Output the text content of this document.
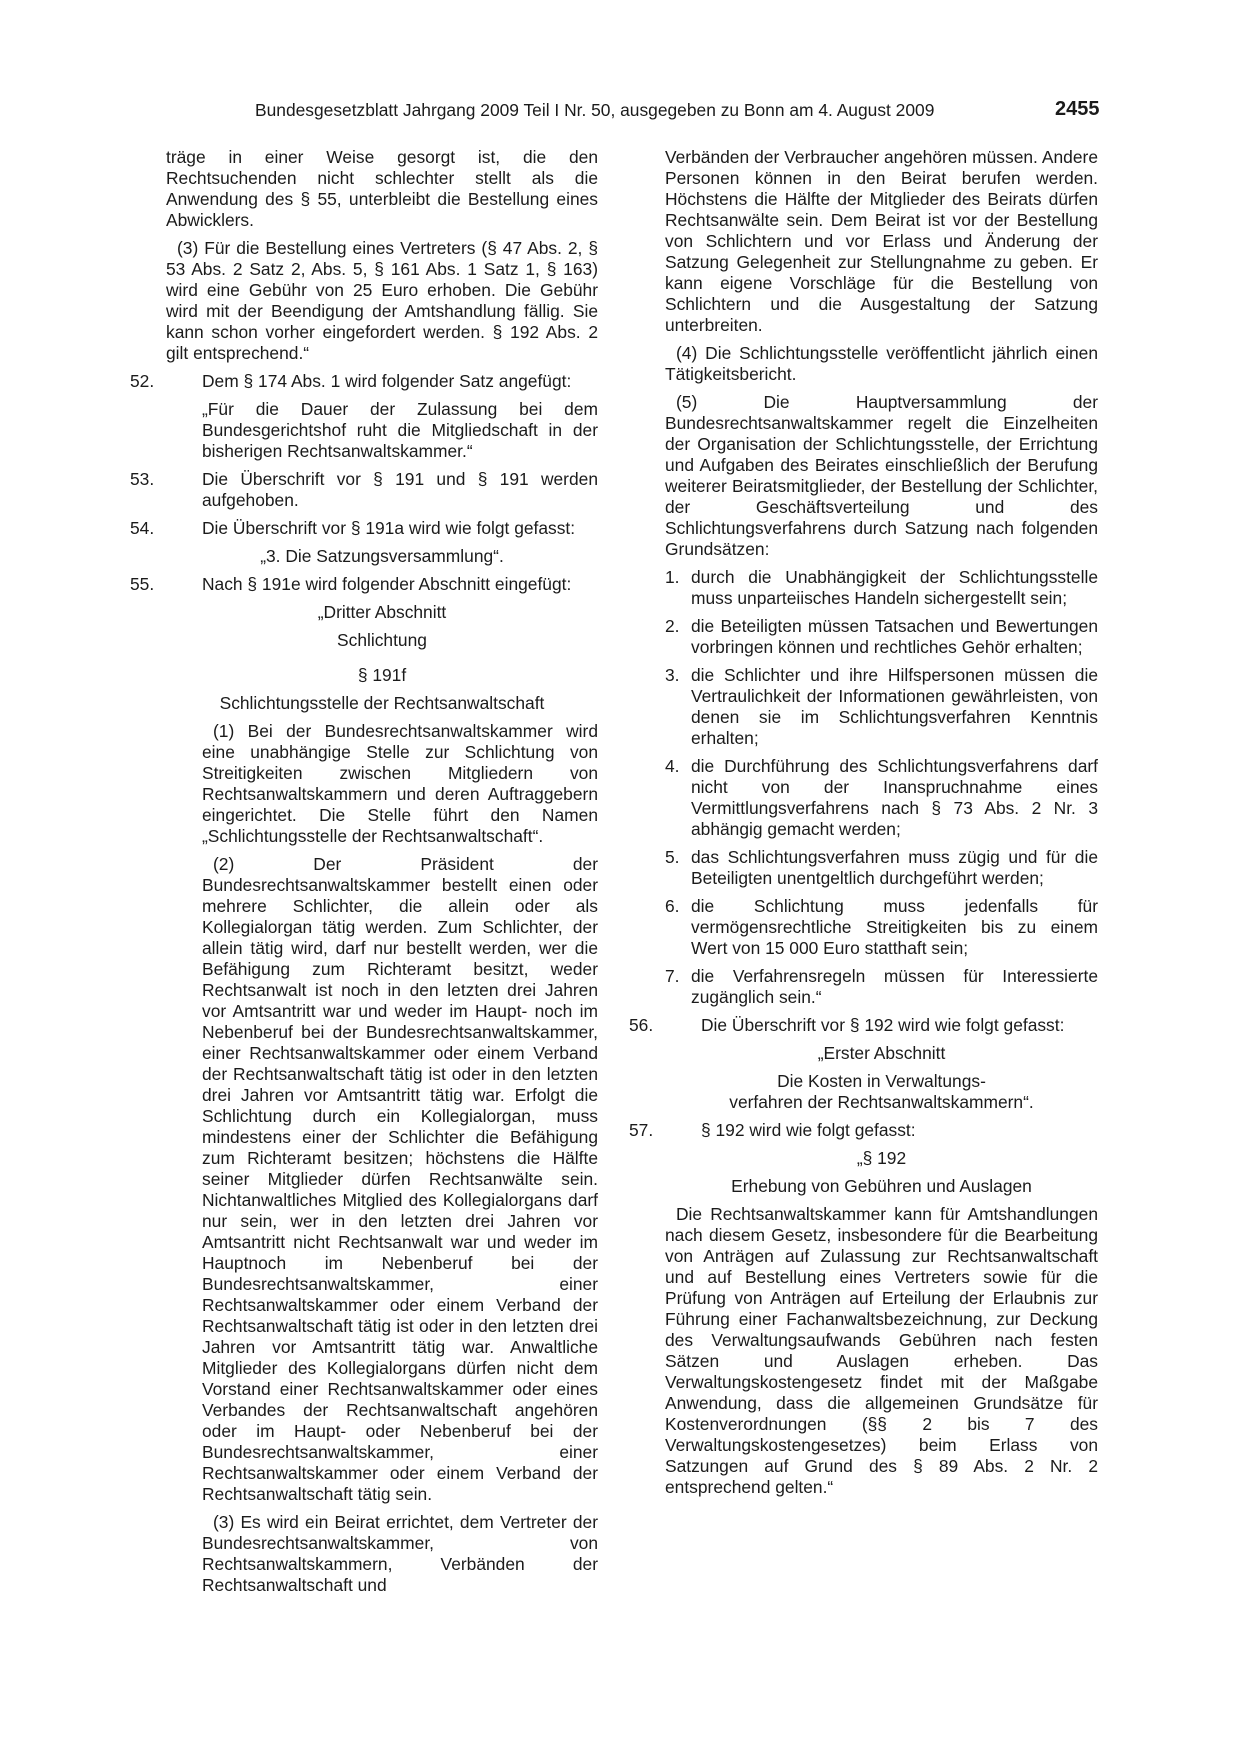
Bundesgesetzblatt Jahrgang 2009 Teil I Nr. 50, ausgegeben zu Bonn am 4. August 2009	2455

träge in einer Weise gesorgt ist, die den Rechtsuchenden nicht schlechter stellt als die Anwendung des § 55, unterbleibt die Bestellung eines Abwicklers.

(3) Für die Bestellung eines Vertreters (§ 47 Abs. 2, § 53 Abs. 2 Satz 2, Abs. 5, § 161 Abs. 1 Satz 1, § 163) wird eine Gebühr von 25 Euro erhoben. Die Gebühr wird mit der Beendigung der Amtshandlung fällig. Sie kann schon vorher eingefordert werden. § 192 Abs. 2 gilt entsprechend.“

52.	Dem § 174 Abs. 1 wird folgender Satz angefügt:
„Für die Dauer der Zulassung bei dem Bundesgerichtshof ruht die Mitgliedschaft in der bisherigen Rechtsanwaltskammer.“
53.	Die Überschrift vor § 191 und § 191 werden aufgehoben.
54.	Die Überschrift vor § 191a wird wie folgt gefasst:
„3. Die Satzungsversammlung“.
55.	Nach § 191e wird folgender Abschnitt eingefügt:
„Dritter Abschnitt
Schlichtung
§ 191f
Schlichtungsstelle der Rechtsanwaltschaft

(1) Bei der Bundesrechtsanwaltskammer wird eine unabhängige Stelle zur Schlichtung von Streitigkeiten zwischen Mitgliedern von Rechtsanwaltskammern und deren Auftraggebern eingerichtet. Die Stelle führt den Namen „Schlichtungsstelle der Rechtsanwaltschaft“.

(2) Der Präsident der Bundesrechtsanwaltskammer bestellt einen oder mehrere Schlichter, die allein oder als Kollegialorgan tätig werden. Zum Schlichter, der allein tätig wird, darf nur bestellt werden, wer die Befähigung zum Richteramt besitzt, weder Rechtsanwalt ist noch in den letzten drei Jahren vor Amtsantritt war und weder im Haupt- noch im Nebenberuf bei der Bundesrechtsanwaltskammer, einer Rechtsanwaltskammer oder einem Verband der Rechtsanwaltschaft tätig ist oder in den letzten drei Jahren vor Amtsantritt tätig war. Erfolgt die Schlichtung durch ein Kollegialorgan, muss mindestens einer der Schlichter die Befähigung zum Richteramt besitzen; höchstens die Hälfte seiner Mitglieder dürfen Rechtsanwälte sein. Nichtanwaltliches Mitglied des Kollegialorgans darf nur sein, wer in den letzten drei Jahren vor Amtsantritt nicht Rechtsanwalt war und weder im Hauptnoch im Nebenberuf bei der Bundesrechtsanwaltskammer, einer Rechtsanwaltskammer oder einem Verband der Rechtsanwaltschaft tätig ist oder in den letzten drei Jahren vor Amtsantritt tätig war. Anwaltliche Mitglieder des Kollegialorgans dürfen nicht dem Vorstand einer Rechtsanwaltskammer oder eines Verbandes der Rechtsanwaltschaft angehören oder im Haupt- oder Nebenberuf bei der Bundesrechtsanwaltskammer, einer Rechtsanwaltskammer oder einem Verband der Rechtsanwaltschaft tätig sein.

(3) Es wird ein Beirat errichtet, dem Vertreter der Bundesrechtsanwaltskammer, von Rechtsanwaltskammern, Verbänden der Rechtsanwaltschaft und

Verbänden der Verbraucher angehören müssen. Andere Personen können in den Beirat berufen werden. Höchstens die Hälfte der Mitglieder des Beirats dürfen Rechtsanwälte sein. Dem Beirat ist vor der Bestellung von Schlichtern und vor Erlass und Änderung der Satzung Gelegenheit zur Stellungnahme zu geben. Er kann eigene Vorschläge für die Bestellung von Schlichtern und die Ausgestaltung der Satzung unterbreiten.

(4) Die Schlichtungsstelle veröffentlicht jährlich einen Tätigkeitsbericht.

(5) Die Hauptversammlung der Bundesrechtsanwaltskammer regelt die Einzelheiten der Organisation der Schlichtungsstelle, der Errichtung und Aufgaben des Beirates einschließlich der Berufung weiterer Beiratsmitglieder, der Bestellung der Schlichter, der Geschäftsverteilung und des Schlichtungsverfahrens durch Satzung nach folgenden Grundsätzen:

1. durch die Unabhängigkeit der Schlichtungsstelle muss unparteiisches Handeln sichergestellt sein;
2. die Beteiligten müssen Tatsachen und Bewertungen vorbringen können und rechtliches Gehör erhalten;
3. die Schlichter und ihre Hilfspersonen müssen die Vertraulichkeit der Informationen gewährleisten, von denen sie im Schlichtungsverfahren Kenntnis erhalten;
4. die Durchführung des Schlichtungsverfahrens darf nicht von der Inanspruchnahme eines Vermittlungsverfahrens nach § 73 Abs. 2 Nr. 3 abhängig gemacht werden;
5. das Schlichtungsverfahren muss zügig und für die Beteiligten unentgeltlich durchgeführt werden;
6. die Schlichtung muss jedenfalls für vermögensrechtliche Streitigkeiten bis zu einem Wert von 15 000 Euro statthaft sein;
7. die Verfahrensregeln müssen für Interessierte zugänglich sein.“
56.	Die Überschrift vor § 192 wird wie folgt gefasst:
„Erster Abschnitt
Die Kosten in Verwaltungs-
verfahren der Rechtsanwaltskammern“.
57.	§ 192 wird wie folgt gefasst:
„§ 192
Erhebung von Gebühren und Auslagen

Die Rechtsanwaltskammer kann für Amtshandlungen nach diesem Gesetz, insbesondere für die Bearbeitung von Anträgen auf Zulassung zur Rechtsanwaltschaft und auf Bestellung eines Vertreters sowie für die Prüfung von Anträgen auf Erteilung der Erlaubnis zur Führung einer Fachanwaltsbezeichnung, zur Deckung des Verwaltungsaufwands Gebühren nach festen Sätzen und Auslagen erheben. Das Verwaltungskostengesetz findet mit der Maßgabe Anwendung, dass die allgemeinen Grundsätze für Kostenverordnungen (§§ 2 bis 7 des Verwaltungskostengesetzes) beim Erlass von Satzungen auf Grund des § 89 Abs. 2 Nr. 2 entsprechend gelten.“
